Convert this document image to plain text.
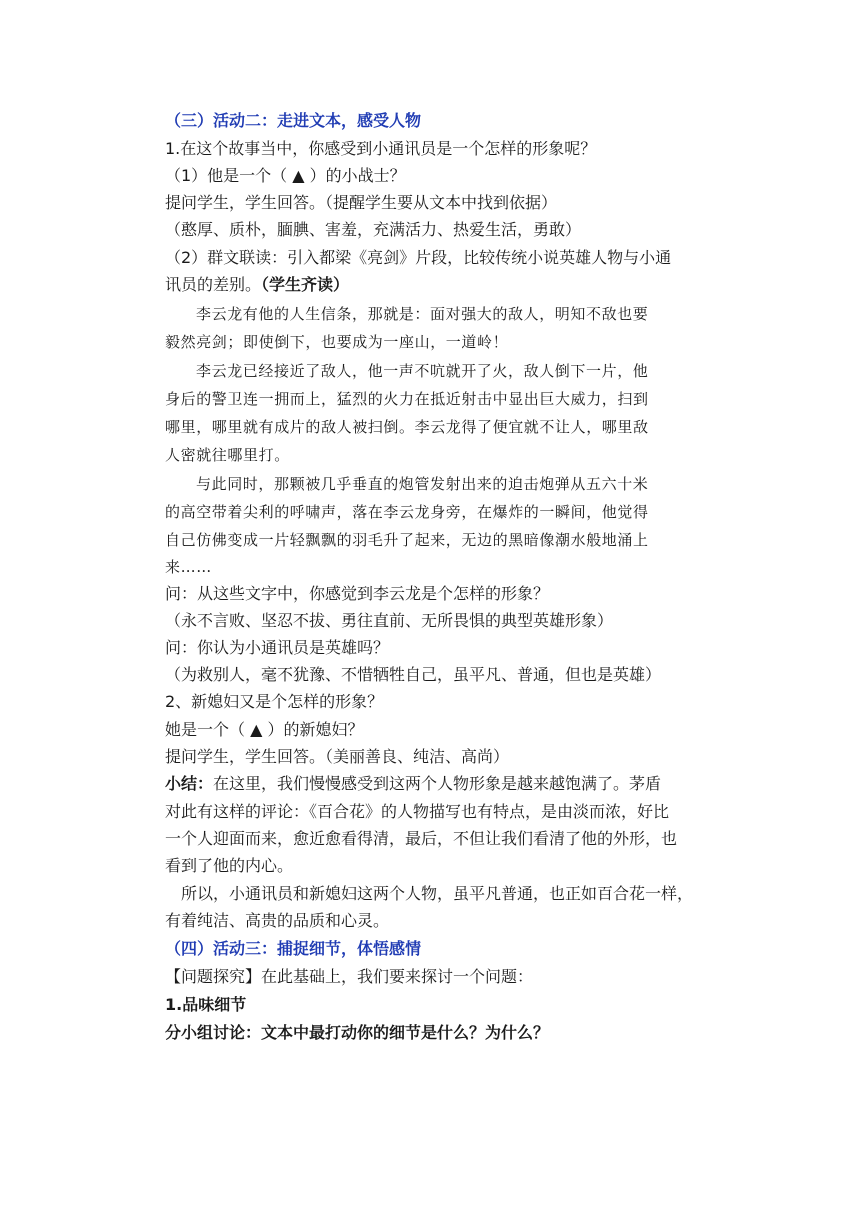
（三）活动二：走进文本，感受人物
1.在这个故事当中，你感受到小通讯员是一个怎样的形象呢？
（1）他是一个（ ▲ ）的小战士？
提问学生，学生回答。（提醒学生要从文本中找到依据）
（憨厚、质朴，腼腆、害羞，充满活力、热爱生活，勇敢）
（2）群文联读：引入都梁《亮剑》片段，比较传统小说英雄人物与小通
讯员的差别。（学生齐读）
李云龙有他的人生信条，那就是：面对强大的敌人，明知不敌也要
毅然亮剑；即使倒下，也要成为一座山，一道岭！
李云龙已经接近了敌人，他一声不吭就开了火，敌人倒下一片，他
身后的警卫连一拥而上，猛烈的火力在抵近射击中显出巨大威力，扫到
哪里，哪里就有成片的敌人被扫倒。李云龙得了便宜就不让人，哪里敌
人密就往哪里打。
与此同时，那颗被几乎垂直的炮管发射出来的迫击炮弹从五六十米
的高空带着尖利的呼啸声，落在李云龙身旁，在爆炸的一瞬间，他觉得
自己仿佛变成一片轻飘飘的羽毛升了起来，无边的黑暗像潮水般地涌上
来……
问：从这些文字中，你感觉到李云龙是个怎样的形象？
（永不言败、坚忍不拔、勇往直前、无所畏惧的典型英雄形象）
问：你认为小通讯员是英雄吗？
（为救别人，毫不犹豫、不惜牺牲自己，虽平凡、普通，但也是英雄）
2、新媳妇又是个怎样的形象？
她是一个（ ▲ ）的新媳妇？
提问学生，学生回答。（美丽善良、纯洁、高尚）
小结：在这里，我们慢慢感受到这两个人物形象是越来越饱满了。茅盾
对此有这样的评论：《百合花》的人物描写也有特点，是由淡而浓，好比
一个人迎面而来，愈近愈看得清，最后，不但让我们看清了他的外形，也
看到了他的内心。
所以，小通讯员和新媳妇这两个人物，虽平凡普通，也正如百合花一样，
有着纯洁、高贵的品质和心灵。
（四）活动三：捕捉细节，体悟感情
【问题探究】在此基础上，我们要来探讨一个问题：
1.品味细节
分小组讨论：文本中最打动你的细节是什么？为什么？
